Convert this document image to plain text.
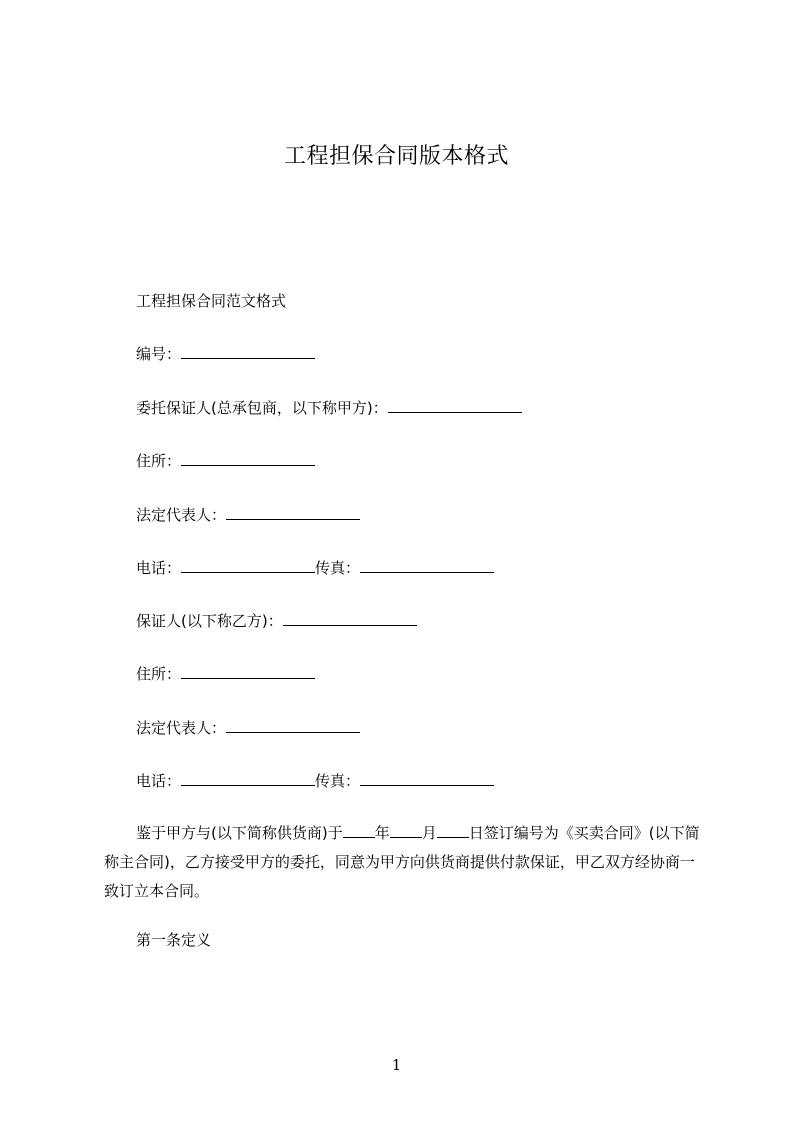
工程担保合同版本格式
工程担保合同范文格式
编号：
委托保证人(总承包商，以下称甲方)：
住所：
法定代表人：
电话：	传真：
保证人(以下称乙方)：
住所：
法定代表人：
电话：	传真：
鉴于甲方与(以下简称供货商)于 年 月 日签订编号为《买卖合同》(以下简称主合同)，乙方接受甲方的委托，同意为甲方向供货商提供付款保证，甲乙双方经协商一致订立本合同。
第一条定义
1
